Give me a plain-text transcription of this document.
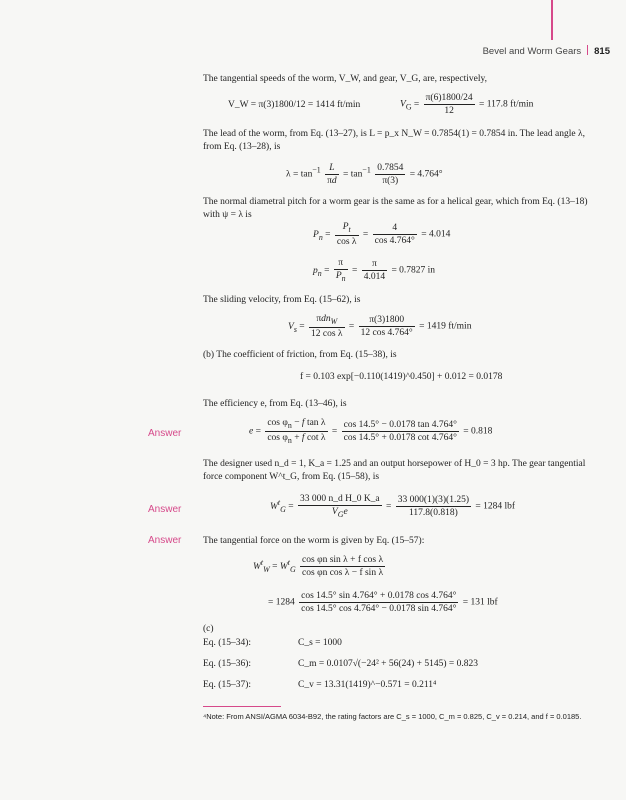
Bevel and Worm Gears 815
The tangential speeds of the worm, V_W, and gear, V_G, are, respectively,
V_W = π(3)1800/12 = 1414 ft/min	$V_G = \frac{\pi(6)1800/24}{12} = 117.8$ ft/min
The lead of the worm, from Eq. (13–27), is L = p_x N_W = 0.7854(1) = 0.7854 in. The lead angle λ, from Eq. (13–28), is
$\lambda = \tan^{-1} \frac{L}{\pi d} = \tan^{-1} \frac{0.7854}{\pi(3)} = 4.764^\circ$
The normal diametral pitch for a worm gear is the same as for a helical gear, which from Eq. (13–18) with ψ = λ is
$P_n = \frac{P_t}{\text{cos λ}} = \frac{4}{\cos 4.764^\circ} = 4.014$
$p_n = \frac{\pi}{P_n} = \frac{\pi}{4.014} = 0.7827$ in
The sliding velocity, from Eq. (15–62), is
$V_s$ =
πdn$_W$
12 cos λ
= $\frac{\pi(3)1800}{12 \cos 4.764^\circ} = 1419$ ft/min
(b) The coefficient of friction, from Eq. (15–38), is
f = 0.103 exp[−0.110(1419)^0.450] + 0.012 = 0.0178
The efficiency e, from Eq. (13–46), is
Answer	$e = \frac{\cos \varphi_n - f \tan \lambda}{\cos \varphi_n + f \cot \lambda} = \frac{\cos 14.5^\circ - 0.0178 \tan 4.764^\circ}{\cos 14.5^\circ + 0.0178 \cot 4.764^\circ} = 0.818$
The designer used n_d = 1, K_a = 1.25 and an output horsepower of H_0 = 3 hp. The gear tangential force component W^t_G, from Eq. (15–58), is
Answer	$W^t_G$ =
33 000 n_d H_0 K_a
$V_Ge$
= $\frac{33 000(1)(3)(1.25)}{117.8(0.818)} = 1284$ lbf
Answer The tangential force on the worm is given by Eq. (15–57):
$W^t_W = W^t_G \frac{\text{cos φn sin λ + f cos λ}}{\text{cos φn cos λ − f sin λ}}$
= $1284 \frac{\cos 14.5^\circ \sin 4.764^\circ + 0.0178 \cos 4.764^\circ}{\cos 14.5^\circ \cos 4.764^\circ - 0.0178 \sin 4.764^\circ} = 131$ lbf
(c)
Eq. (15–34):	C_s = 1000
Eq. (15–36):	C_m = 0.0107√(−24² + 56(24) + 5145) = 0.823
Eq. (15–37):	C_v = 13.31(1419)^−0.571 = 0.211⁴
⁴Note: From ANSI/AGMA 6034-B92, the rating factors are C_s = 1000, C_m = 0.825, C_v = 0.214, and f = 0.0185.
